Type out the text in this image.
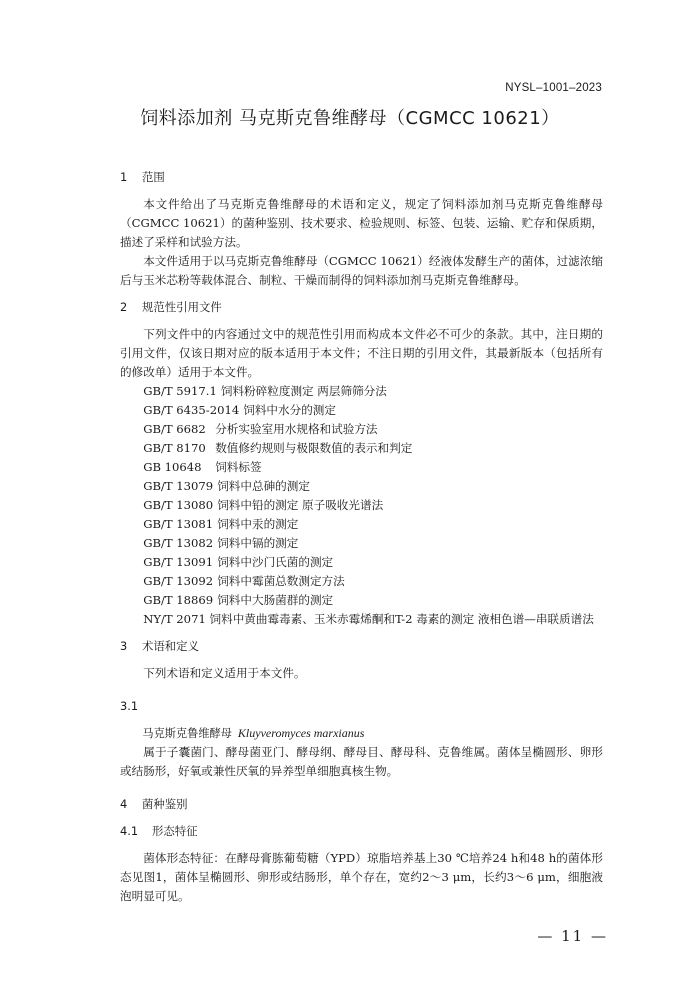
NYSL–1001–2023
饲料添加剂 马克斯克鲁维酵母（CGMCC 10621）

1 范围

本文件给出了马克斯克鲁维酵母的术语和定义，规定了饲料添加剂马克斯克鲁维酵母（CGMCC 10621）的菌种鉴别、技术要求、检验规则、标签、包装、运输、贮存和保质期，描述了采样和试验方法。

本文件适用于以马克斯克鲁维酵母（CGMCC 10621）经液体发酵生产的菌体，过滤浓缩后与玉米芯粉等载体混合、制粒、干燥而制得的饲料添加剂马克斯克鲁维酵母。

2 规范性引用文件

下列文件中的内容通过文中的规范性引用而构成本文件必不可少的条款。其中，注日期的引用文件，仅该日期对应的版本适用于本文件；不注日期的引用文件，其最新版本（包括所有的修改单）适用于本文件。

GB/T 5917.1 饲料粉碎粒度测定 两层筛筛分法

GB/T 6435-2014 饲料中水分的测定

GB/T 6682 分析实验室用水规格和试验方法

GB/T 8170 数值修约规则与极限数值的表示和判定

GB 10648 饲料标签

GB/T 13079 饲料中总砷的测定

GB/T 13080 饲料中铅的测定 原子吸收光谱法

GB/T 13081 饲料中汞的测定

GB/T 13082 饲料中镉的测定

GB/T 13091 饲料中沙门氏菌的测定

GB/T 13092 饲料中霉菌总数测定方法

GB/T 18869 饲料中大肠菌群的测定

NY/T 2071 饲料中黄曲霉毒素、玉米赤霉烯酮和T-2 毒素的测定 液相色谱—串联质谱法

3 术语和定义

下列术语和定义适用于本文件。

3.1

马克斯克鲁维酵母 Kluyveromyces marxianus

属于子囊菌门、酵母菌亚门、酵母纲、酵母目、酵母科、克鲁维属。菌体呈椭圆形、卵形或结肠形，好氧或兼性厌氧的异养型单细胞真核生物。

4 菌种鉴别

4.1 形态特征

菌体形态特征：在酵母膏胨葡萄糖（YPD）琼脂培养基上30 ℃培养24 h和48 h的菌体形态见图1，菌体呈椭圆形、卵形或结肠形，单个存在，宽约2～3 μm，长约3～6 μm，细胞液泡明显可见。

— 11 —
